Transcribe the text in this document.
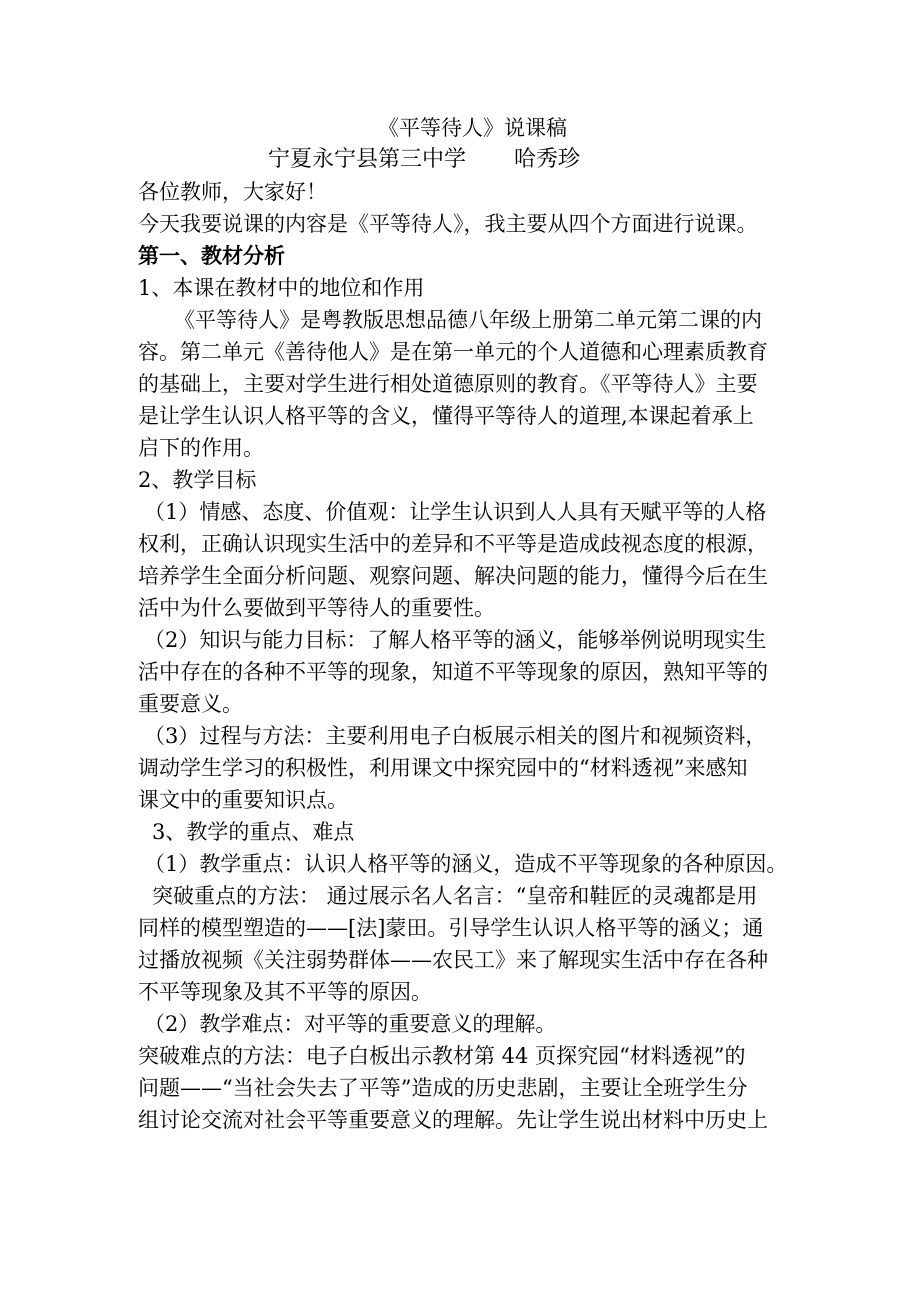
《平等待人》说课稿
宁夏永宁县第三中学 哈秀珍
各位教师，大家好！
今天我要说课的内容是《平等待人》，我主要从四个方面进行说课。
第一、教材分析
1、本课在教材中的地位和作用
《平等待人》是粤教版思想品德八年级上册第二单元第二课的内
容。第二单元《善待他人》是在第一单元的个人道德和心理素质教育
的基础上，主要对学生进行相处道德原则的教育。《平等待人》主要
是让学生认识人格平等的含义，懂得平等待人的道理,本课起着承上
启下的作用。
2、教学目标
（1）情感、态度、价值观：让学生认识到人人具有天赋平等的人格
权利，正确认识现实生活中的差异和不平等是造成歧视态度的根源，
培养学生全面分析问题、观察问题、解决问题的能力，懂得今后在生
活中为什么要做到平等待人的重要性。
（2）知识与能力目标：了解人格平等的涵义，能够举例说明现实生
活中存在的各种不平等的现象，知道不平等现象的原因，熟知平等的
重要意义。
（3）过程与方法：主要利用电子白板展示相关的图片和视频资料，
调动学生学习的积极性，利用课文中探究园中的“材料透视”来感知
课文中的重要知识点。
3、教学的重点、难点
（1）教学重点：认识人格平等的涵义，造成不平等现象的各种原因。
突破重点的方法： 通过展示名人名言：“皇帝和鞋匠的灵魂都是用
同样的模型塑造的——[法]蒙田。引导学生认识人格平等的涵义；通
过播放视频《关注弱势群体——农民工》来了解现实生活中存在各种
不平等现象及其不平等的原因。
（2）教学难点：对平等的重要意义的理解。
突破难点的方法：电子白板出示教材第 44 页探究园“材料透视”的
问题——“当社会失去了平等”造成的历史悲剧，主要让全班学生分
组讨论交流对社会平等重要意义的理解。先让学生说出材料中历史上
